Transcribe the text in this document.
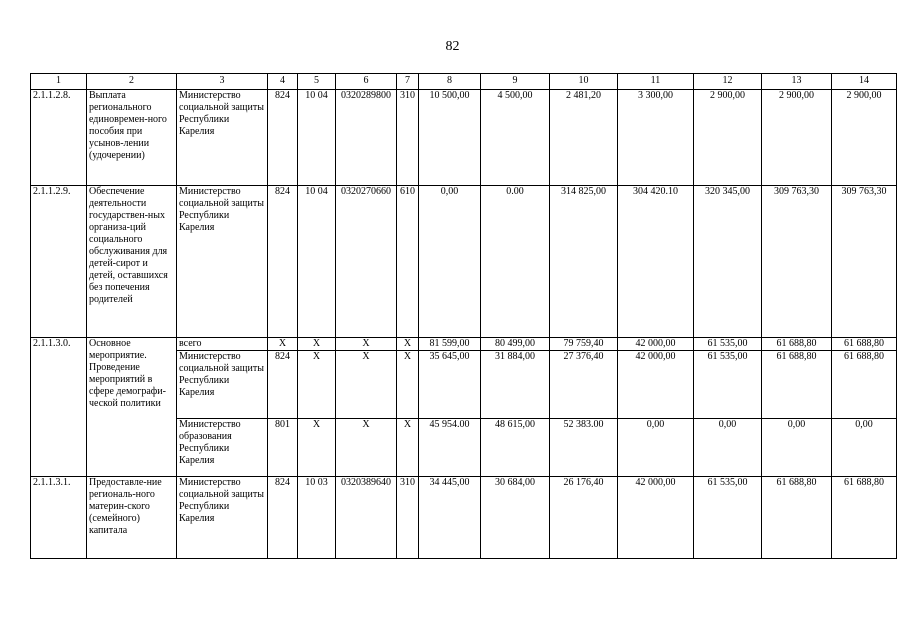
82
1	2	3	4	5	6	7	8	9	10	11	12	13	14
2.1.1.2.8.	Выплата регионального единовремен-ного пособия при усынов-лении (удочерении)	Министерство социальной защиты Республики Карелия	824	10 04	0320289800	310	10 500,00	4 500,00	2 481,20	3 300,00	2 900,00	2 900,00	2 900,00
2.1.1.2.9.	Обеспечение деятельности государствен-ных организа-ций социального обслуживания для детей-сирот и детей, оставшихся без попечения родителей	Министерство социальной защиты Республики Карелия	824	10 04	0320270660	610	0,00	0.00	314 825,00	304 420.10	320 345,00	309 763,30	309 763,30
2.1.1.3.0.	Основное мероприятие. Проведение мероприятий в сфере демографи-ческой политики	всего	X	X	X	X	81 599,00	80 499,00	79 759,40	42 000,00	61 535,00	61 688,80	61 688,80
		Министерство социальной защиты Республики Карелия	824	X	X	X	35 645,00	31 884,00	27 376,40	42 000,00	61 535,00	61 688,80	61 688,80
		Министерство образования Республики Карелия	801	X	X	X	45 954.00	48 615,00	52 383.00	0,00	0,00	0,00	0,00
2.1.1.3.1.	Предоставле-ние региональ-ного материн-ского (семейного) капитала	Министерство социальной защиты Республики Карелия	824	10 03	0320389640	310	34 445,00	30 684,00	26 176,40	42 000,00	61 535,00	61 688,80	61 688,80
